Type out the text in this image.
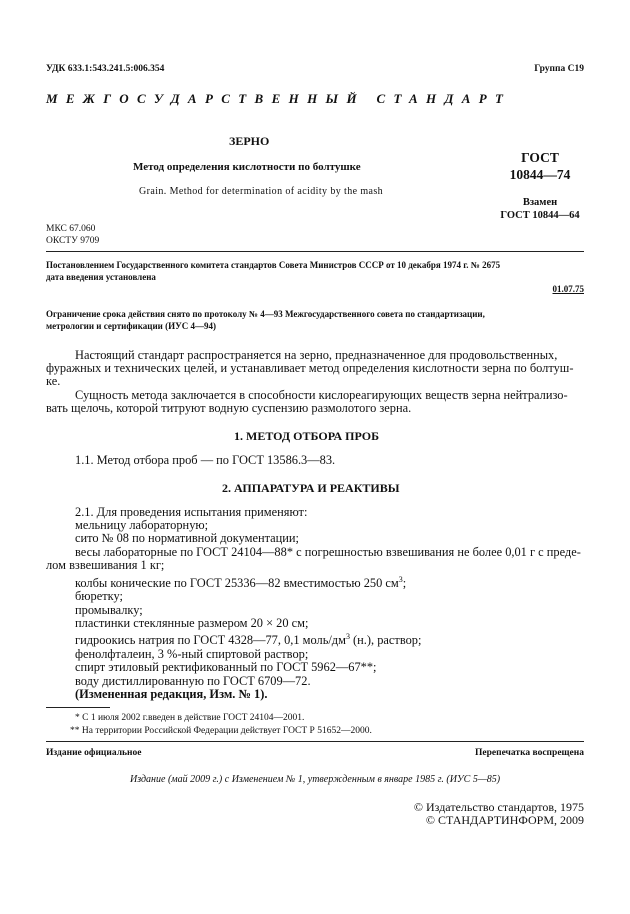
УДК 633.1:543.241.5:006.354	Группа С19
МЕЖГОСУДАРСТВЕННЫЙ СТАНДАРТ
ЗЕРНО
Метод определения кислотности по болтушке
Grain. Method for determination of acidity by the mash
ГОСТ
10844—74
Взамен
ГОСТ 10844—64
МКС 67.060
ОКСТУ 9709
Постановлением Государственного комитета стандартов Совета Министров СССР от 10 декабря 1974 г. № 2675
дата введения установлена
01.07.75
Ограничение срока действия снято по протоколу № 4—93 Межгосударственного совета по стандартизации,
метрологии и сертификации (ИУС 4—94)
Настоящий стандарт распространяется на зерно, предназначенное для продовольственных,
фуражных и технических целей, и устанавливает метод определения кислотности зерна по болтуш-
ке.
Сущность метода заключается в способности кислореагирующих веществ зерна нейтрализо-
вать щелочь, которой титруют водную суспензию размолотого зерна.
1. МЕТОД ОТБОРА ПРОБ
1.1. Метод отбора проб — по ГОСТ 13586.3—83.
2. АППАРАТУРА И РЕАКТИВЫ
2.1. Для проведения испытания применяют:
мельницу лабораторную;
сито № 08 по нормативной документации;
весы лабораторные по ГОСТ 24104—88* с погрешностью взвешивания не более 0,01 г с преде-
лом взвешивания 1 кг;
колбы конические по ГОСТ 25336—82 вместимостью 250 $см^3$;
бюретку;
промывалку;
пластинки стеклянные размером 20 × 20 см;
гидроокись натрия по ГОСТ 4328—77, 0,1 моль/$дм^3$ (н.), раствор;
фенолфталеин, 3 %-ный спиртовой раствор;
спирт этиловый ректификованный по ГОСТ 5962—67**;
воду дистиллированную по ГОСТ 6709—72.
(Измененная редакция, Изм. № 1).
* С 1 июля 2002 г.введен в действие ГОСТ 24104—2001.
** На территории Российской Федерации действует ГОСТ Р 51652—2000.
Издание официальное	Перепечатка воспрещена
Издание (май 2009 г.) с Изменением № 1, утвержденным в январе 1985 г. (ИУС 5—85)
© Издательство стандартов, 1975
© СТАНДАРТИНФОРМ, 2009
